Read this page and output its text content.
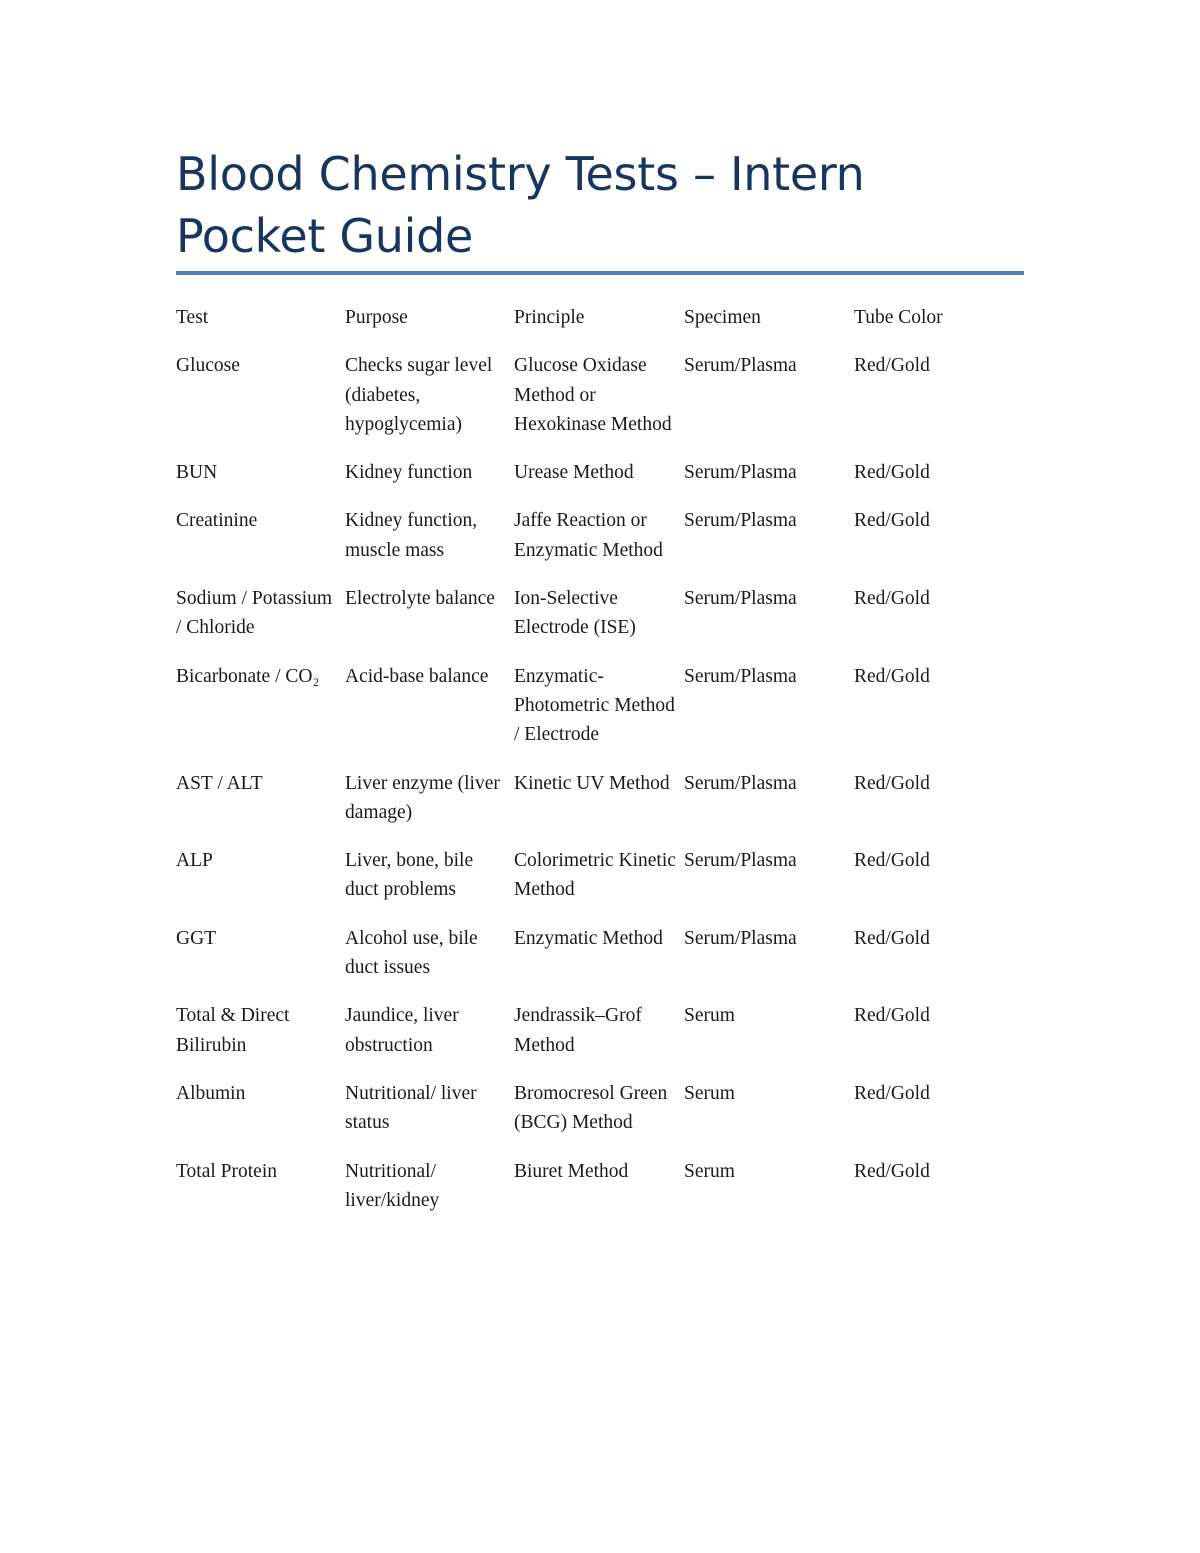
Blood Chemistry Tests – Intern Pocket Guide
Test	Purpose	Principle	Specimen	Tube Color
Glucose	Checks sugar level (diabetes, hypoglycemia)	Glucose Oxidase Method or Hexokinase Method	Serum/Plasma	Red/Gold
BUN	Kidney function	Urease Method	Serum/Plasma	Red/Gold
Creatinine	Kidney function, muscle mass	Jaffe Reaction or Enzymatic Method	Serum/Plasma	Red/Gold
Sodium / Potassium / Chloride	Electrolyte balance	Ion-Selective Electrode (ISE)	Serum/Plasma	Red/Gold
Bicarbonate / CO₂	Acid-base balance	Enzymatic-Photometric Method / Electrode	Serum/Plasma	Red/Gold
AST / ALT	Liver enzyme (liver damage)	Kinetic UV Method	Serum/Plasma	Red/Gold
ALP	Liver, bone, bile duct problems	Colorimetric Kinetic Method	Serum/Plasma	Red/Gold
GGT	Alcohol use, bile duct issues	Enzymatic Method	Serum/Plasma	Red/Gold
Total & Direct Bilirubin	Jaundice, liver obstruction	Jendrassik–Grof Method	Serum	Red/Gold
Albumin	Nutritional/ liver status	Bromocresol Green (BCG) Method	Serum	Red/Gold
Total Protein	Nutritional/ liver/kidney	Biuret Method	Serum	Red/Gold
